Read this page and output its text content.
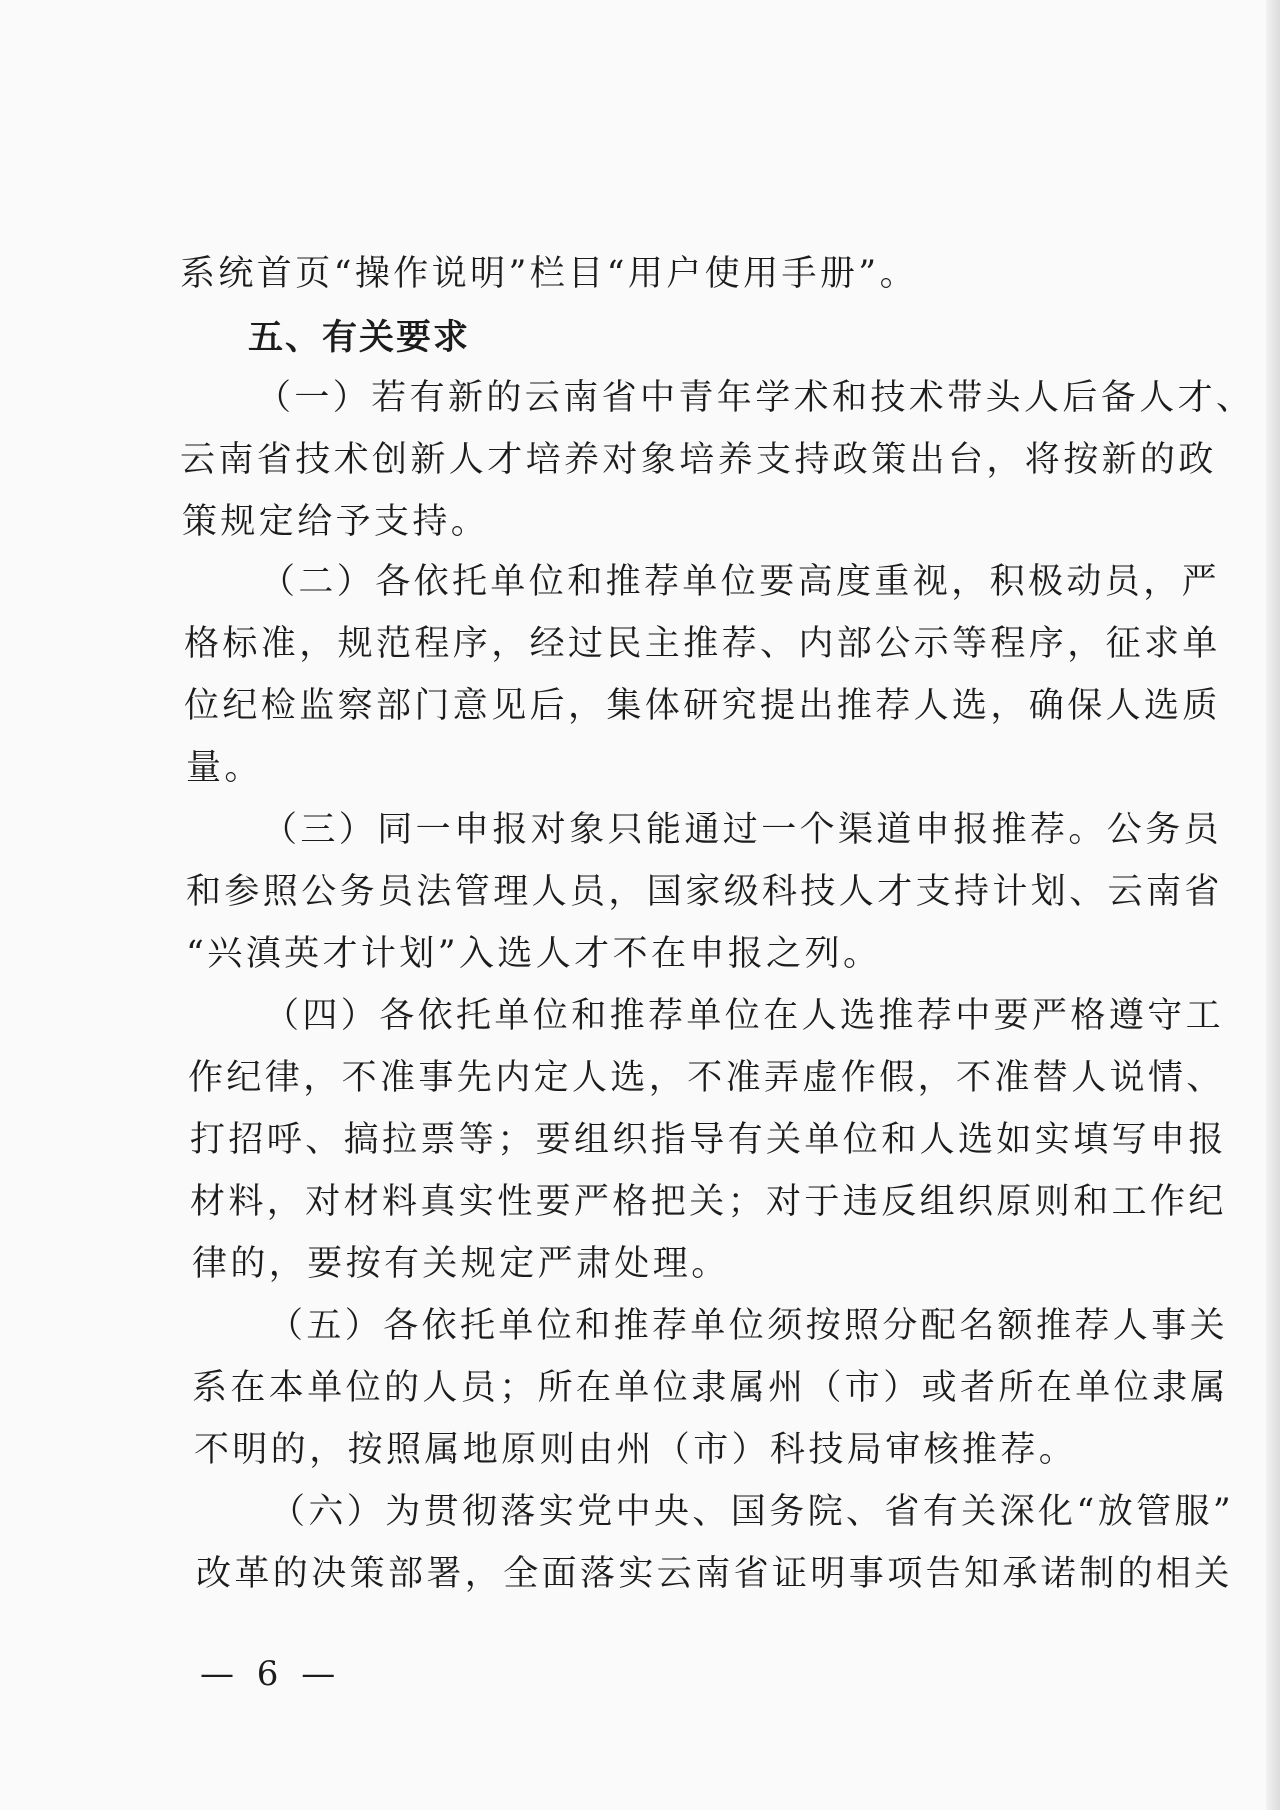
系统首页“操作说明”栏目“用户使用手册”。
五、有关要求
（一）若有新的云南省中青年学术和技术带头人后备人才、
云南省技术创新人才培养对象培养支持政策出台，将按新的政
策规定给予支持。
（二）各依托单位和推荐单位要高度重视，积极动员，严
格标准，规范程序，经过民主推荐、内部公示等程序，征求单
位纪检监察部门意见后，集体研究提出推荐人选，确保人选质
量。
（三）同一申报对象只能通过一个渠道申报推荐。公务员
和参照公务员法管理人员，国家级科技人才支持计划、云南省
“兴滇英才计划”入选人才不在申报之列。
（四）各依托单位和推荐单位在人选推荐中要严格遵守工
作纪律，不准事先内定人选，不准弄虚作假，不准替人说情、
打招呼、搞拉票等；要组织指导有关单位和人选如实填写申报
材料，对材料真实性要严格把关；对于违反组织原则和工作纪
律的，要按有关规定严肃处理。
（五）各依托单位和推荐单位须按照分配名额推荐人事关
系在本单位的人员；所在单位隶属州（市）或者所在单位隶属
不明的，按照属地原则由州（市）科技局审核推荐。
（六）为贯彻落实党中央、国务院、省有关深化“放管服”
改革的决策部署，全面落实云南省证明事项告知承诺制的相关
— 6 —
